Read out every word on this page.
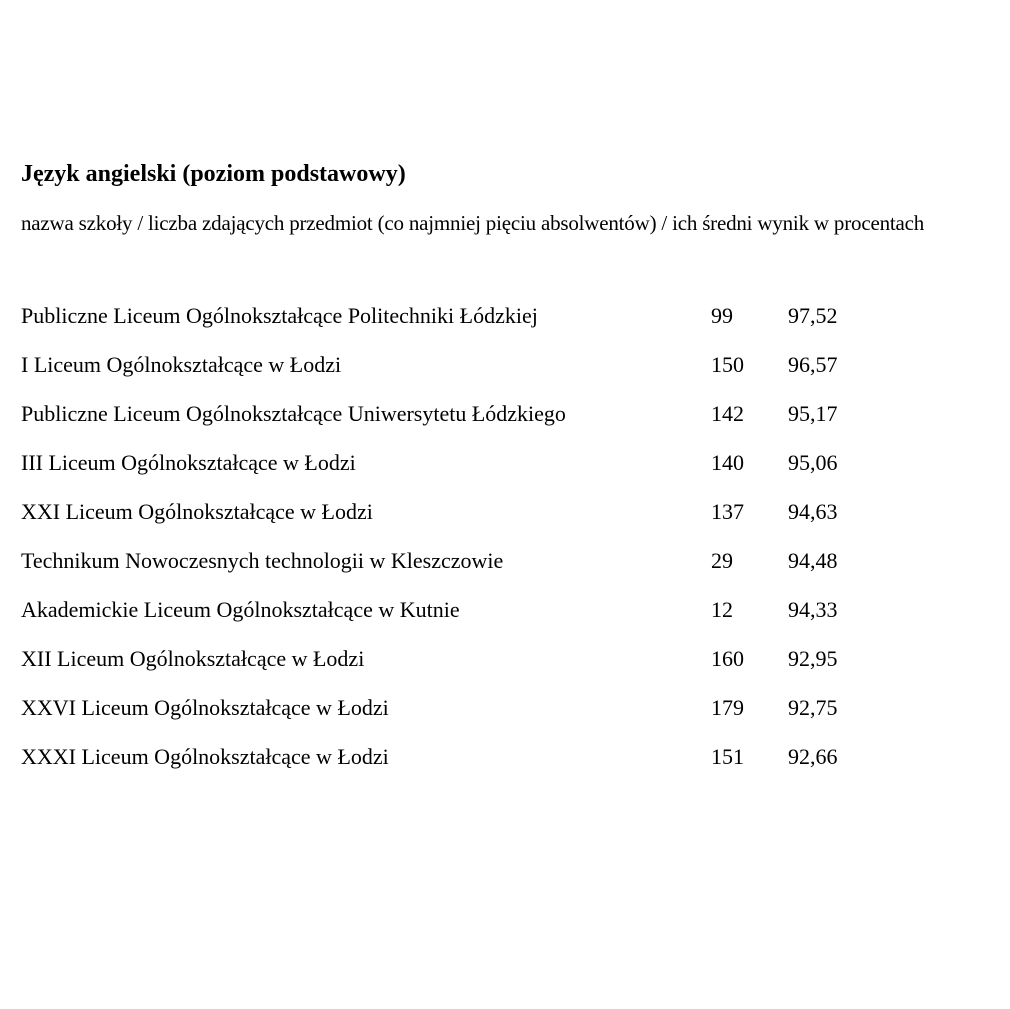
Język angielski (poziom podstawowy)
nazwa szkoły / liczba zdających przedmiot (co najmniej pięciu absolwentów) / ich średni wynik w procentach
Publiczne Liceum Ogólnokształcące Politechniki Łódzkiej	99	97,52
I Liceum Ogólnokształcące w Łodzi	150 96,57
Publiczne Liceum Ogólnokształcące Uniwersytetu Łódzkiego	142 95,17
III Liceum Ogólnokształcące w Łodzi	140 95,06
XXI Liceum Ogólnokształcące w Łodzi	137 94,63
Technikum Nowoczesnych technologii w Kleszczowie	29	94,48
Akademickie Liceum Ogólnokształcące w Kutnie	12	94,33
XII Liceum Ogólnokształcące w Łodzi	160 92,95
XXVI Liceum Ogólnokształcące w Łodzi	179 92,75
XXXI Liceum Ogólnokształcące w Łodzi	151 92,66
